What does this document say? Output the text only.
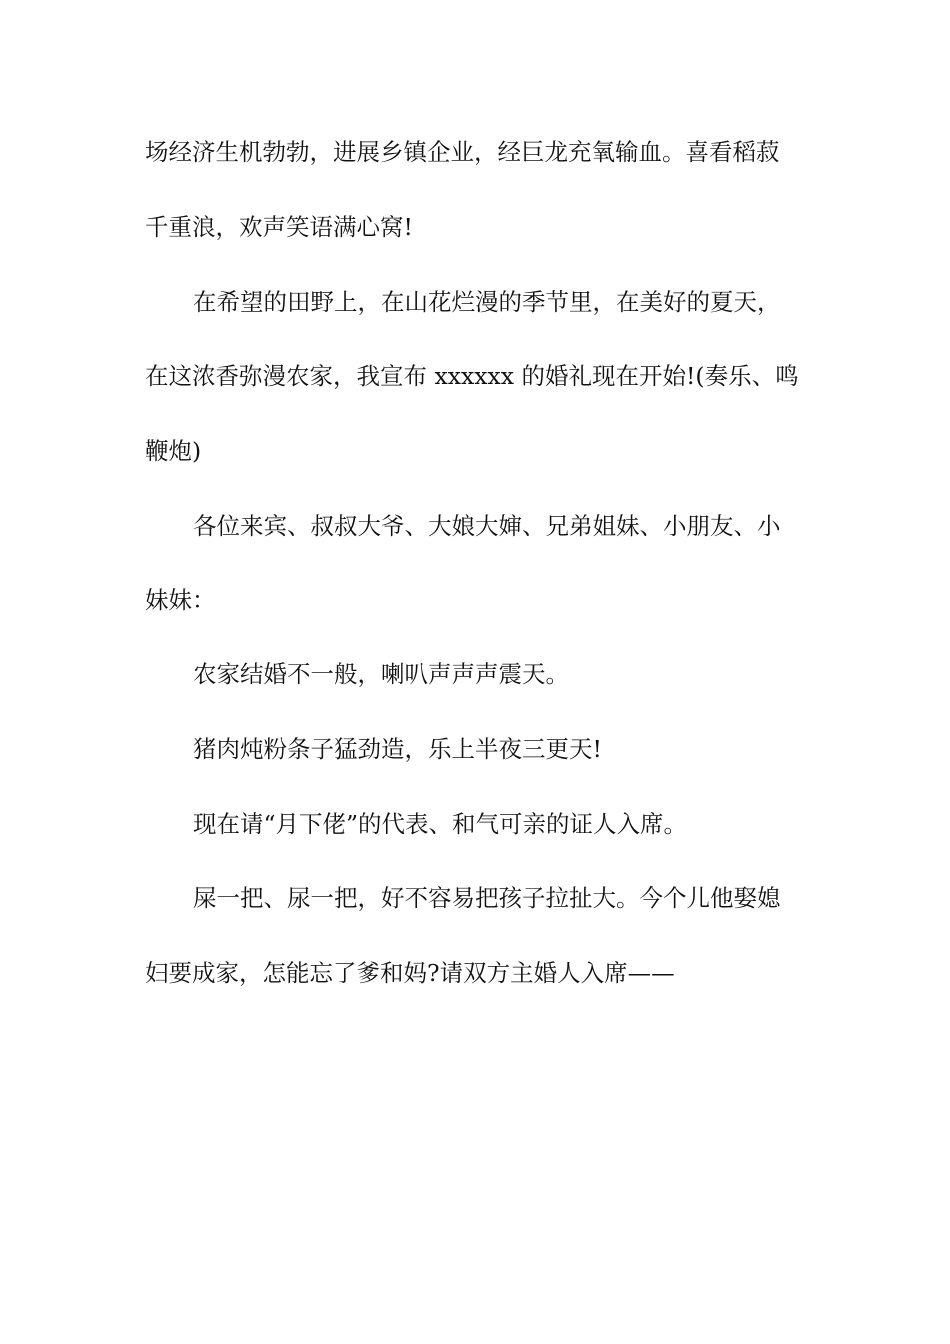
场经济生机勃勃，进展乡镇企业，经巨龙充氧输血。喜看稻菽
千重浪，欢声笑语满心窝!
在希望的田野上，在山花烂漫的季节里，在美好的夏天，
在这浓香弥漫农家，我宣布 xxxxxx 的婚礼现在开始!(奏乐、鸣
鞭炮)
各位来宾、叔叔大爷、大娘大婶、兄弟姐妹、小朋友、小
妹妹：
农家结婚不一般，喇叭声声声震天。
猪肉炖粉条子猛劲造，乐上半夜三更天!
现在请“月下佬”的代表、和气可亲的证人入席。
屎一把、尿一把，好不容易把孩子拉扯大。今个儿他娶媳
妇要成家，怎能忘了爹和妈?请双方主婚人入席——
